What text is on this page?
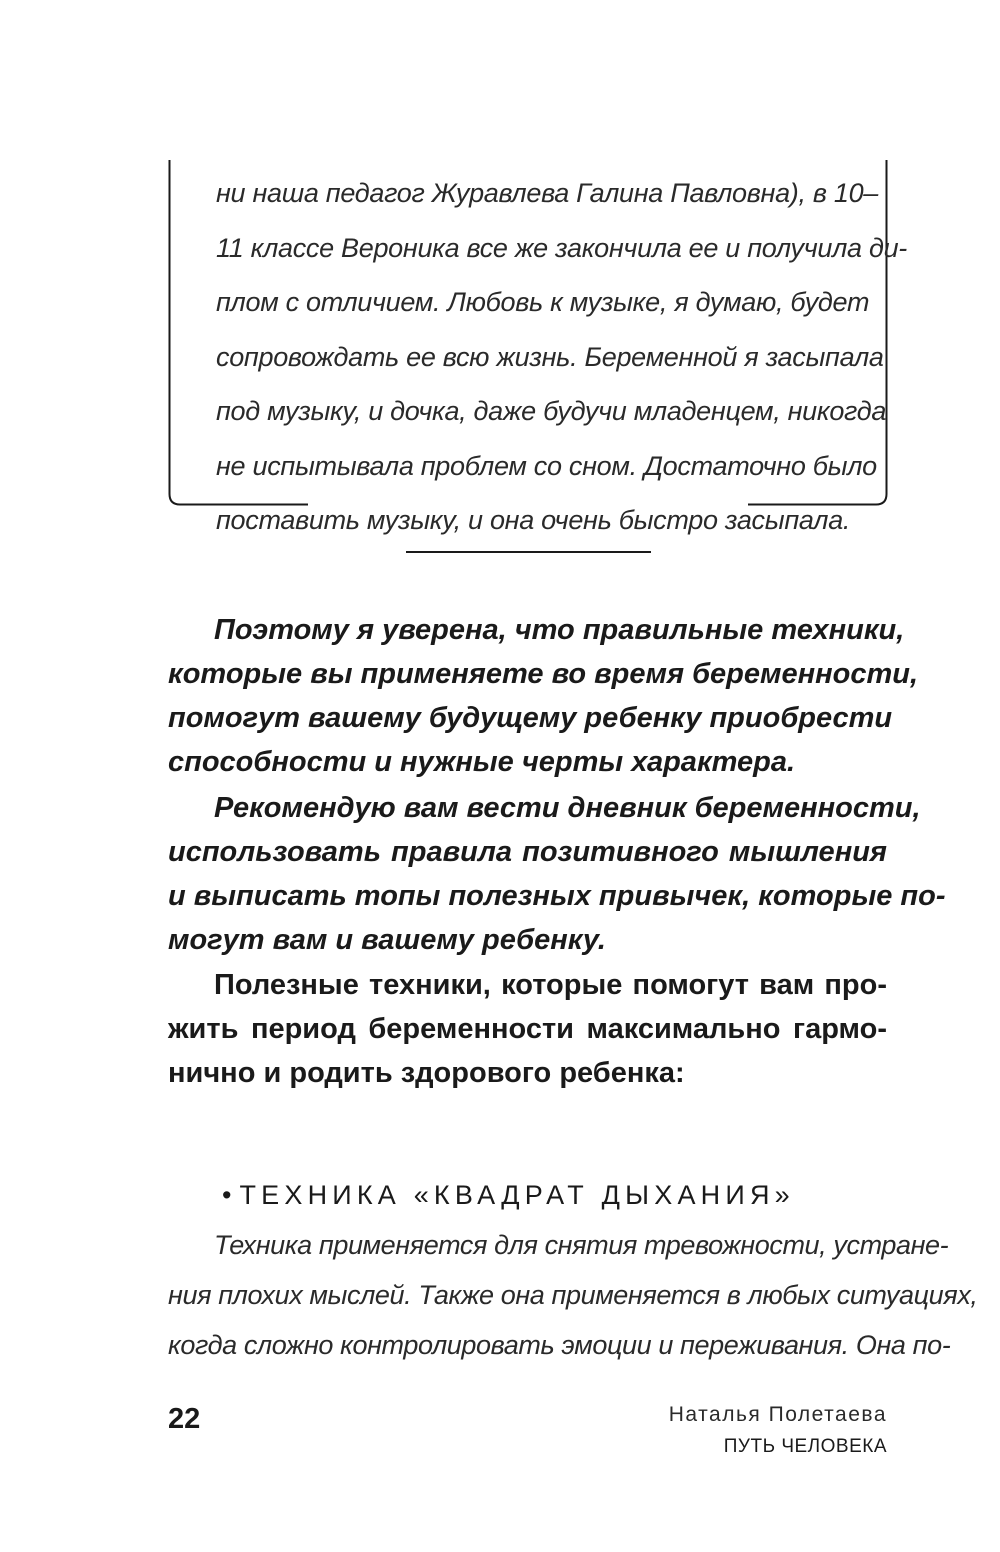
ни наша педагог Журавлева Галина Павловна), в 10–
11 классе Вероника все же закончила ее и получила ди-
плом с отличием. Любовь к музыке, я думаю, будет
сопровождать ее всю жизнь. Беременной я засыпала
под музыку, и дочка, даже будучи младенцем, никогда
не испытывала проблем со сном. Достаточно было
поставить музыку, и она очень быстро засыпала.
Поэтому я уверена, что правильные техники,
которые вы применяете во время беременности,
помогут вашему будущему ребенку приобрести
способности и нужные черты характера.
Рекомендую вам вести дневник беременности,
использовать правила позитивного мышления
и выписать топы полезных привычек, которые по-
могут вам и вашему ребенку.
Полезные техники, которые помогут вам про-
жить период беременности максимально гармо-
нично и родить здорового ребенка:
• ТЕХНИКА «КВАДРАТ ДЫХАНИЯ»
Техника применяется для снятия тревожности, устране-
ния плохих мыслей. Также она применяется в любых ситуациях,
когда сложно контролировать эмоции и переживания. Она по-
22	Наталья Полетаева
ПУТЬ ЧЕЛОВЕКА
